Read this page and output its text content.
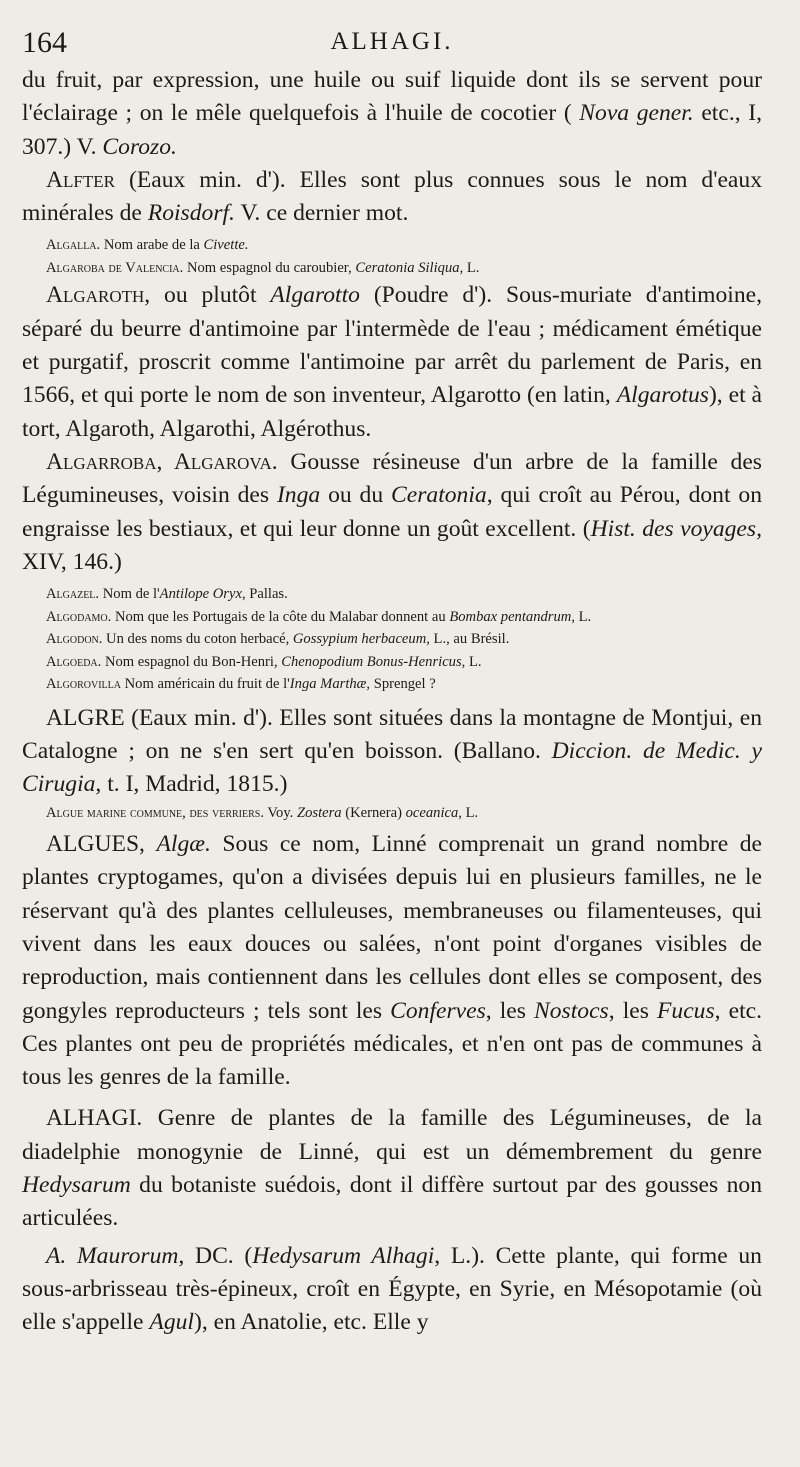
164	ALHAGI.

du fruit, par expression, une huile ou suif liquide dont ils se servent pour l'éclairage ; on le mêle quelquefois à l'huile de cocotier ( Nova gener. etc., I, 307.) V. Corozo.

Alfter (Eaux min. d'). Elles sont plus connues sous le nom d'eaux minérales de Roisdorf. V. ce dernier mot.

Algalla. Nom arabe de la Civette.

Algaroba de Valencia. Nom espagnol du caroubier, Ceratonia Siliqua, L.

Algaroth, ou plutôt Algarotto (Poudre d'). Sous-muriate d'antimoine, séparé du beurre d'antimoine par l'intermède de l'eau ; médicament émétique et purgatif, proscrit comme l'antimoine par arrêt du parlement de Paris, en 1566, et qui porte le nom de son inventeur, Algarotto (en latin, Algarotus), et à tort, Algaroth, Algarothi, Algérothus.

Algarroba, Algarova. Gousse résineuse d'un arbre de la famille des Légumineuses, voisin des Inga ou du Ceratonia, qui croît au Pérou, dont on engraisse les bestiaux, et qui leur donne un goût excellent. (Hist. des voyages, XIV, 146.)

Algazel. Nom de l'Antilope Oryx, Pallas.

Algodamo. Nom que les Portugais de la côte du Malabar donnent au Bombax pentandrum, L.

Algodon. Un des noms du coton herbacé, Gossypium herbaceum, L., au Brésil.

Algoeda. Nom espagnol du Bon-Henri, Chenopodium Bonus-Henricus, L.

Algorovilla Nom américain du fruit de l'Inga Marthæ, Sprengel ?

ALGRE (Eaux min. d'). Elles sont situées dans la montagne de Montjui, en Catalogne ; on ne s'en sert qu'en boisson. (Ballano. Diccion. de Medic. y Cirugia, t. I, Madrid, 1815.)

Algue marine commune, des verriers. Voy. Zostera (Kernera) oceanica, L.

ALGUES, Algæ. Sous ce nom, Linné comprenait un grand nombre de plantes cryptogames, qu'on a divisées depuis lui en plusieurs familles, ne le réservant qu'à des plantes celluleuses, membraneuses ou filamenteuses, qui vivent dans les eaux douces ou salées, n'ont point d'organes visibles de reproduction, mais contiennent dans les cellules dont elles se composent, des gongyles reproducteurs ; tels sont les Conferves, les Nostocs, les Fucus, etc. Ces plantes ont peu de propriétés médicales, et n'en ont pas de communes à tous les genres de la famille.

ALHAGI. Genre de plantes de la famille des Légumineuses, de la diadelphie monogynie de Linné, qui est un démembrement du genre Hedysarum du botaniste suédois, dont il diffère surtout par des gousses non articulées.

A. Maurorum, DC. (Hedysarum Alhagi, L.). Cette plante, qui forme un sous-arbrisseau très-épineux, croît en Égypte, en Syrie, en Mésopotamie (où elle s'appelle Agul), en Anatolie, etc. Elle y
